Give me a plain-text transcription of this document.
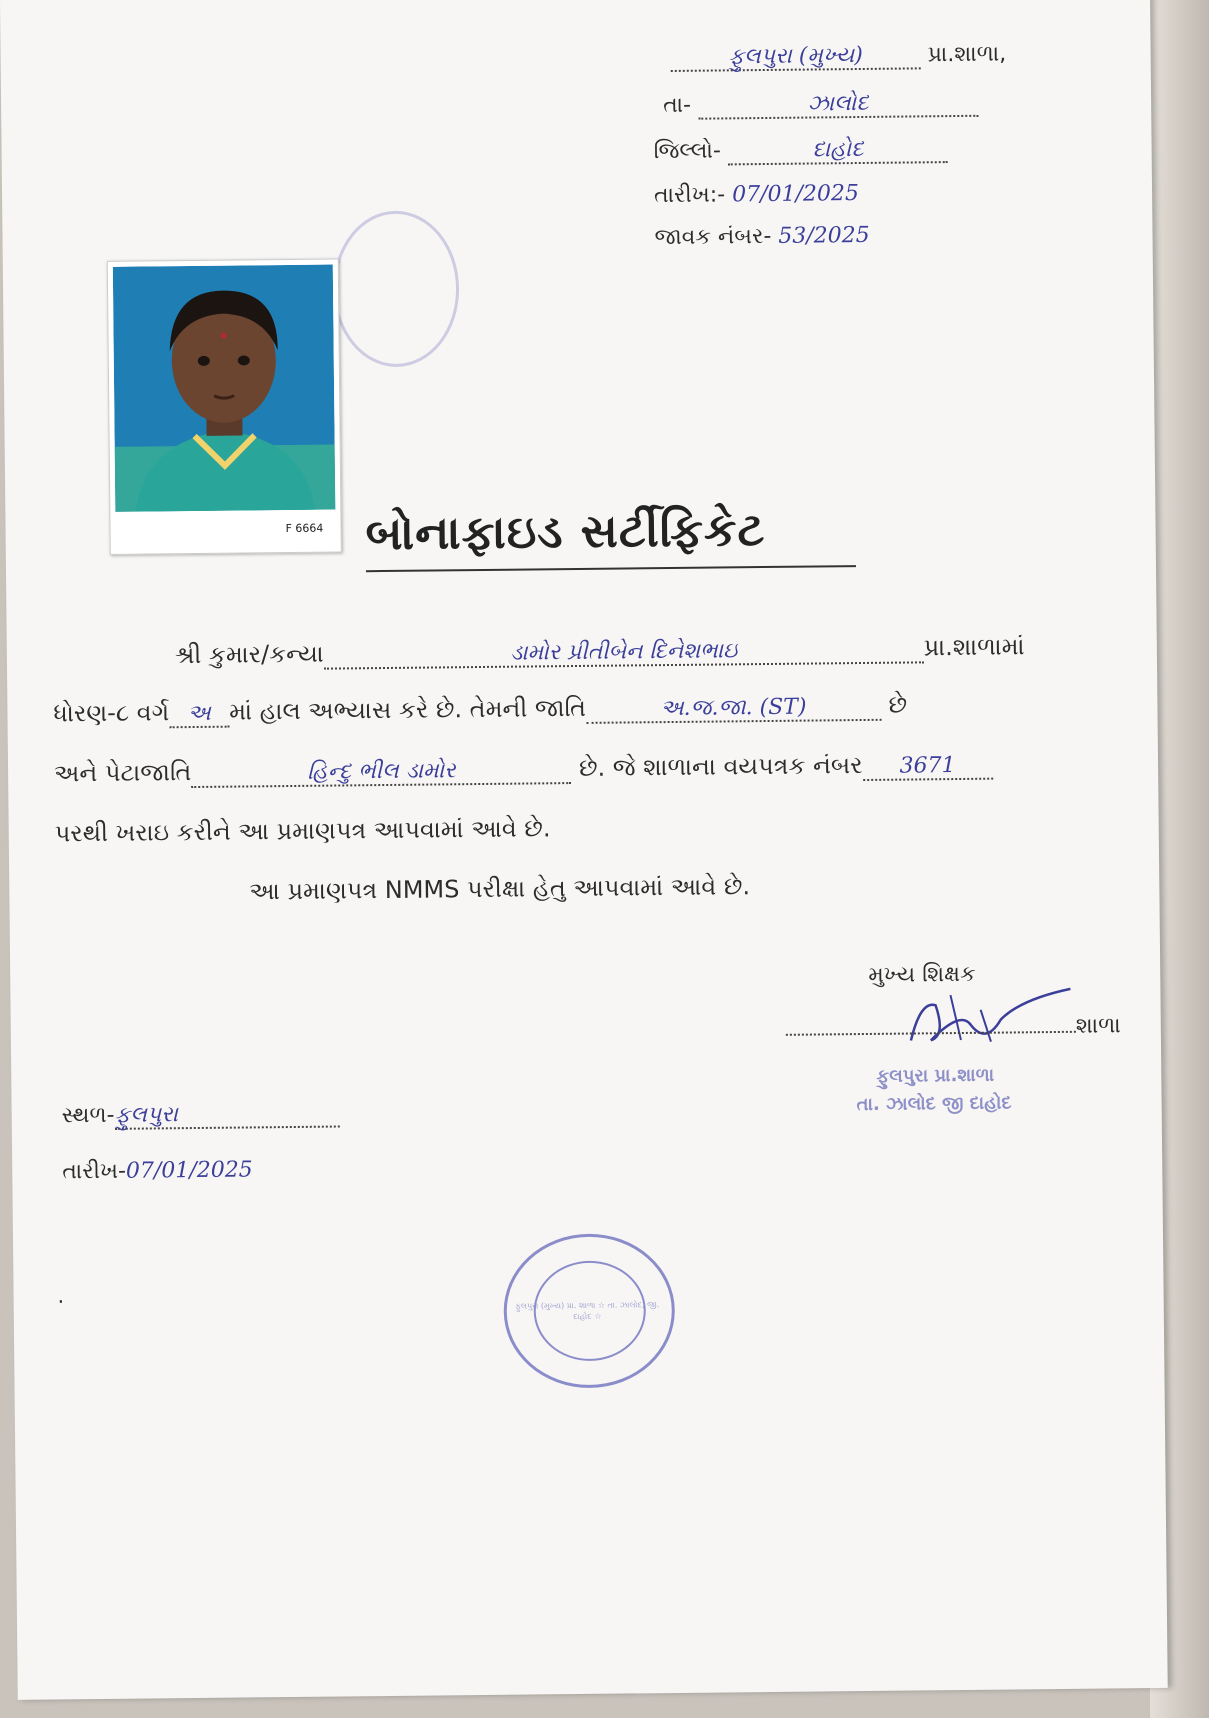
ફુલપુરા (મુખ્ય)	પ્રા.શાળા,
તા-	ઝાલોદ
જિલ્લો-	દાહોદ
તારીખ:- 07/01/2025
જાવક નંબર- 53/2025
F 6664 બોનાફાઇડ સર્ટીફિકેટ
શ્રી કુમાર/કન્યા	ડામોર પ્રીતીબેન દિનેશભાઇ	પ્રા.શાળામાં
ધોરણ-૮ વર્ગ અ માં હાલ અભ્યાસ કરે છે. તેમની જાતિ	અ.જ.જા. (ST)	છે
અને પેટાજાતિ	હિન્દુ ભીલ ડામોર	છે. જે શાળાના વયપત્રક નંબર 3671
પરથી ખરાઇ કરીને આ પ્રમાણપત્ર આપવામાં આવે છે.
આ પ્રમાણપત્ર NMMS પરીક્ષા હેતુ આપવામાં આવે છે.
મુખ્ય શિક્ષક
શાળા
ફુલપુરા પ્રા.શાળા
તા. ઝાલોદ જી દાહોદ
સ્થળ-ફુલપુરા
તારીખ-07/01/2025
ફુલપુરા (મુખ્ય) પ્રા. શાળા ☆ તા. ઝાલોદ, જી. દાહોદ ☆
·
